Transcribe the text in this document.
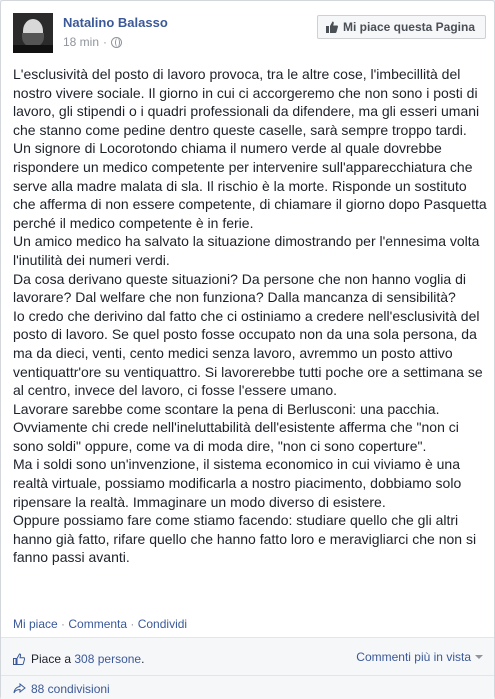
Natalino Balasso
18 min ·
Mi piace questa Pagina

L'esclusività del posto di lavoro provoca, tra le altre cose, l'imbecillità del nostro vivere sociale. Il giorno in cui ci accorgeremo che non sono i posti di lavoro, gli stipendi o i quadri professionali da difendere, ma gli esseri umani che stanno come pedine dentro queste caselle, sarà sempre troppo tardi.

Un signore di Locorotondo chiama il numero verde al quale dovrebbe rispondere un medico competente per intervenire sull'apparecchiatura che serve alla madre malata di sla. Il rischio è la morte. Risponde un sostituto che afferma di non essere competente, di chiamare il giorno dopo Pasquetta perché il medico competente è in ferie.

Un amico medico ha salvato la situazione dimostrando per l'ennesima volta l'inutilità dei numeri verdi.

Da cosa derivano queste situazioni? Da persone che non hanno voglia di lavorare? Dal welfare che non funziona? Dalla mancanza di sensibilità?

Io credo che derivino dal fatto che ci ostiniamo a credere nell'esclusività del posto di lavoro. Se quel posto fosse occupato non da una sola persona, da ma da dieci, venti, cento medici senza lavoro, avremmo un posto attivo ventiquattr'ore su ventiquattro. Si lavorerebbe tutti poche ore a settimana se al centro, invece del lavoro, ci fosse l'essere umano.

Lavorare sarebbe come scontare la pena di Berlusconi: una pacchia.

Ovviamente chi crede nell'ineluttabilità dell'esistente afferma che "non ci sono soldi" oppure, come va di moda dire, "non ci sono coperture".

Ma i soldi sono un'invenzione, il sistema economico in cui viviamo è una realtà virtuale, possiamo modificarla a nostro piacimento, dobbiamo solo ripensare la realtà. Immaginare un modo diverso di esistere.

Oppure possiamo fare come stiamo facendo: studiare quello che gli altri hanno già fatto, rifare quello che hanno fatto loro e meravigliarci che non si fanno passi avanti.

Mi piace · Commenta · Condividi
Piace a
308 persone .	Commenti più in vista
88 condivisioni
